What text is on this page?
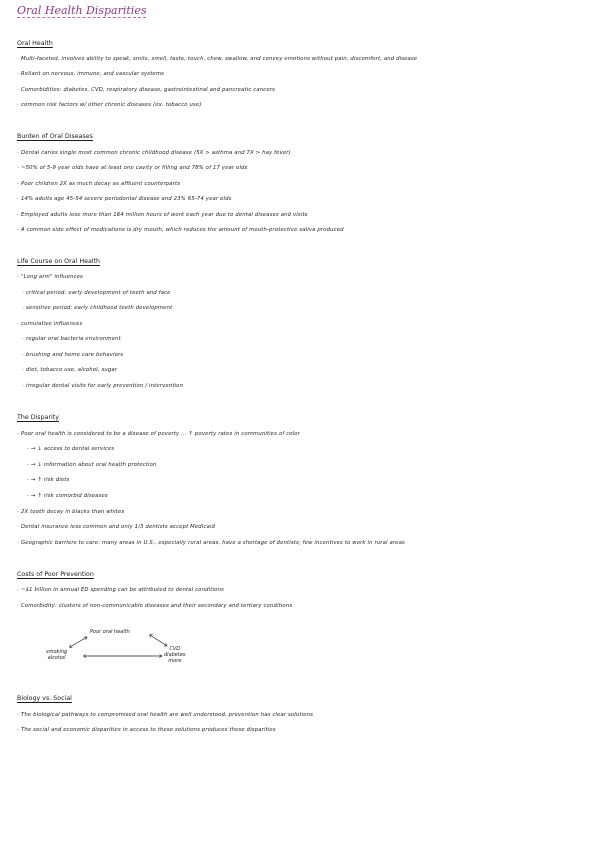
Oral Health Disparities
Oral Health
· Multi-faceted, involves ability to speak, smile, smell, taste, touch, chew, swallow, and convey emotions without pain, discomfort, and disease
· Reliant on nervous, immune, and vascular systems
· Comorbidities: diabetes, CVD, respiratory disease, gastrointestinal and pancreatic cancers
· common risk factors w/ other chronic diseases (ex. tobacco use)
Burden of Oral Diseases
· Dental caries single most common chronic childhood disease (5X > asthma and 7X > hay fever)
· ~50% of 5-9 year olds have at least one cavity or filling and 78% of 17 year olds
· Poor children 2X as much decay as affluent counterparts
· 14% adults age 45-54 severe periodontal disease and 23% 65-74 year olds
· Employed adults lose more than 164 million hours of work each year due to dental diseases and visits
· A common side effect of medications is dry mouth, which reduces the amount of mouth-protective saliva produced
Life Course on Oral Health
· "Long arm" influences
· critical period: early development of teeth and face
· sensitive period: early childhood teeth development
· cumulative influences
· regular oral bacteria environment
· brushing and home care behaviors
· diet, tobacco use, alcohol, sugar
· irregular dental visits for early prevention / intervention
The Disparity
· Poor oral health is considered to be a disease of poverty ... ↑ poverty rates in communities of color
· → ↓ access to dental services
· → ↓ information about oral health protection
· → ↑ risk diets
· → ↑ risk comorbid diseases
· 2X tooth decay in blacks than whites
· Dental insurance less common and only 1/3 dentists accept Medicaid
· Geographic barriers to care: many areas in U.S., especially rural areas, have a shortage of dentists; few incentives to work in rural areas
Costs of Poor Prevention
· ~$1 billion in annual ED spending can be attributed to dental conditions
· Comorbidity: clusters of non-communicable diseases and their secondary and tertiary conditions
Poor oral health
smoking
alcohol
CVD
diabetes
more
Biology vs. Social
· The biological pathways to compromised oral health are well understood, prevention has clear solutions
· The social and economic disparities in access to these solutions produces these disparities
